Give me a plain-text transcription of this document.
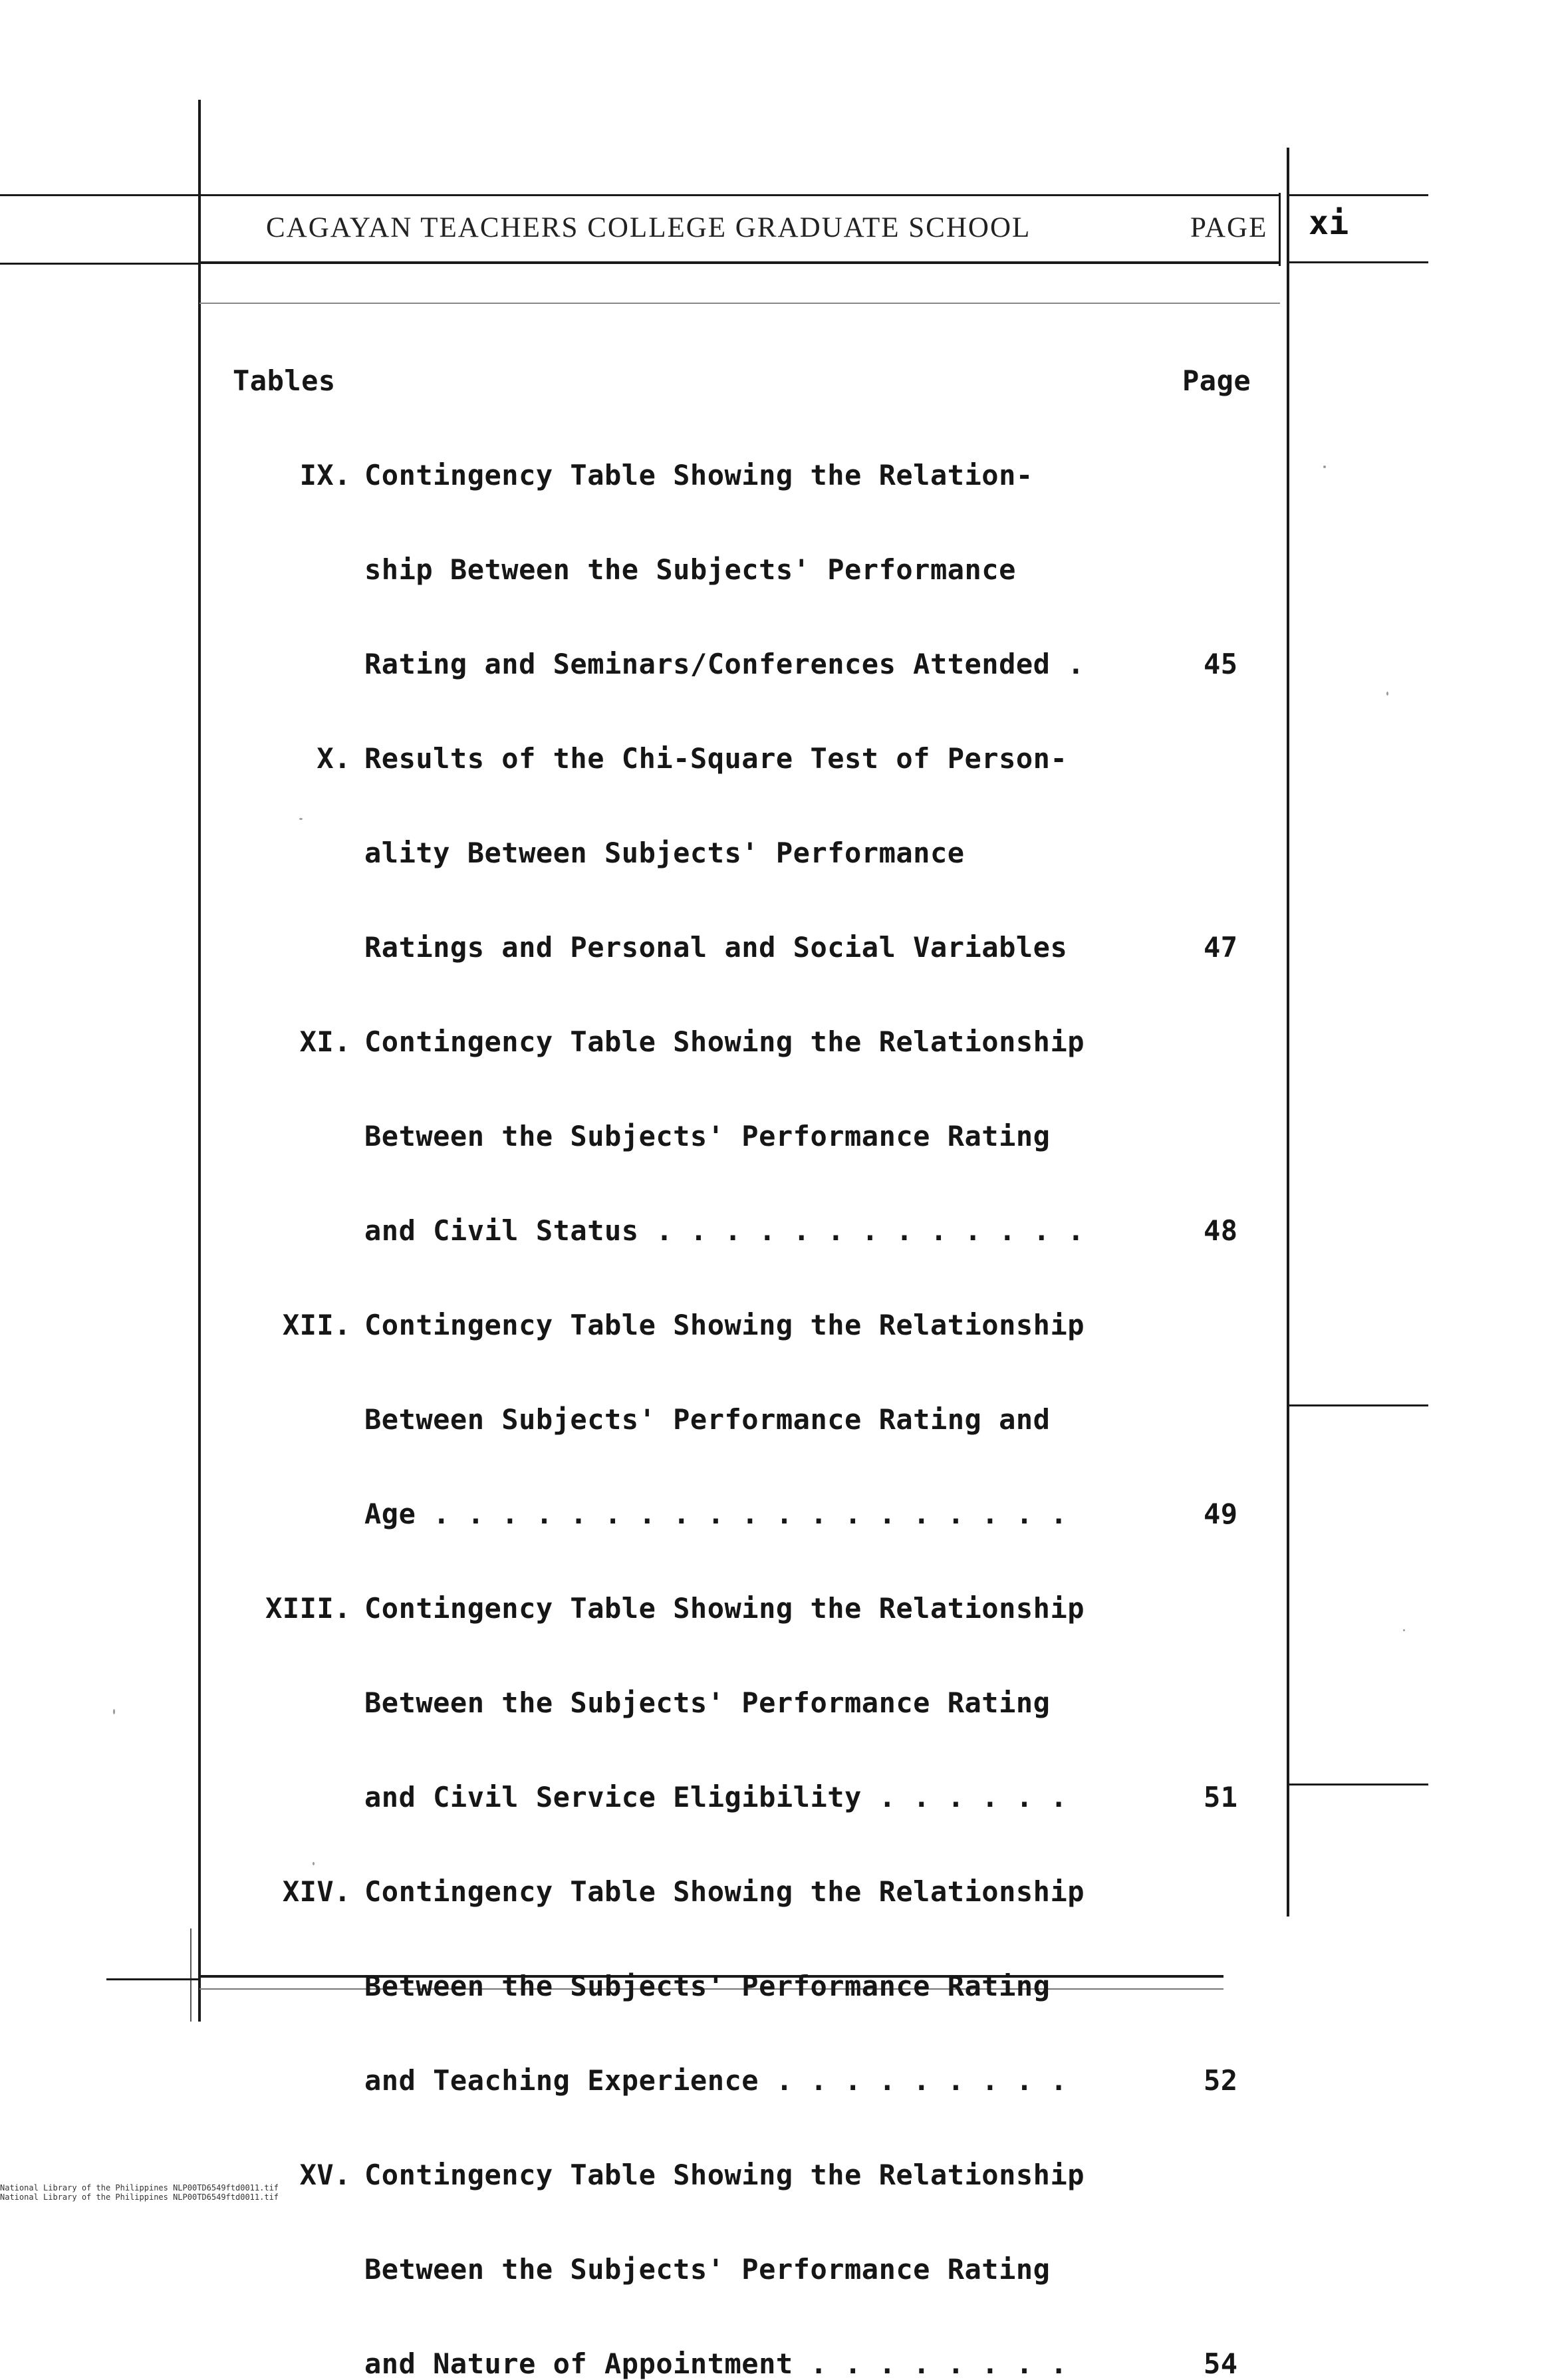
CAGAYAN TEACHERS COLLEGE GRADUATE SCHOOL	PAGE xi
Tables	Page
IX. Contingency Table Showing the Relation-
ship Between the Subjects' Performance
Rating and Seminars/Conferences Attended .	45
X. Results of the Chi-Square Test of Person-
ality Between Subjects' Performance
Ratings and Personal and Social Variables	47
XI. Contingency Table Showing the Relationship
Between the Subjects' Performance Rating
and Civil Status . . . . . . . . . . . . .	48
XII. Contingency Table Showing the Relationship
Between Subjects' Performance Rating and
Age . . . . . . . . . . . . . . . . . . .	49
XIII. Contingency Table Showing the Relationship
Between the Subjects' Performance Rating
and Civil Service Eligibility . . . . . .	51
XIV. Contingency Table Showing the Relationship
Between the Subjects' Performance Rating
and Teaching Experience . . . . . . . . .	52
XV. Contingency Table Showing the Relationship
Between the Subjects' Performance Rating
and Nature of Appointment . . . . . . . .	54
National Library of the Philippines NLP00TD6549ftd0011.tif
National Library of the Philippines NLP00TD6549ftd0011.tif
